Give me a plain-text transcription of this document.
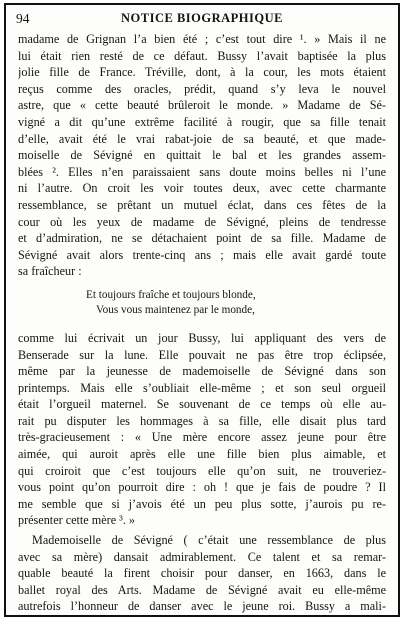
94	NOTICE BIOGRAPHIQUE
madame de Grignan l’a bien été ; c’est tout dire ¹. » Mais il ne
lui était rien resté de ce défaut. Bussy l’avait baptisée la plus
jolie fille de France. Tréville, dont, à la cour, les mots étaient
reçus comme des oracles, prédit, quand s’y leva le nouvel
astre, que « cette beauté brûleroit le monde. » Madame de Sé-
vigné a dit qu’une extrême facilité à rougir, que sa fille tenait
d’elle, avait été le vrai rabat-joie de sa beauté, et que made-
moiselle de Sévigné en quittait le bal et les grandes assem-
blées ². Elles n’en paraissaient sans doute moins belles ni l’une
ni l’autre. On croit les voir toutes deux, avec cette charmante
ressemblance, se prêtant un mutuel éclat, dans ces fêtes de la
cour où les yeux de madame de Sévigné, pleins de tendresse
et d’admiration, ne se détachaient point de sa fille. Madame de
Sévigné avait alors trente-cinq ans ; mais elle avait gardé toute
sa fraîcheur :
Et toujours fraîche et toujours blonde,
Vous vous maintenez par le monde,
comme lui écrivait un jour Bussy, lui appliquant des vers de
Benserade sur la lune. Elle pouvait ne pas être trop éclipsée,
même par la jeunesse de mademoiselle de Sévigné dans son
printemps. Mais elle s’oubliait elle-même ; et son seul orgueil
était l’orgueil maternel. Se souvenant de ce temps où elle au-
rait pu disputer les hommages à sa fille, elle disait plus tard
très-gracieusement : « Une mère encore assez jeune pour être
aimée, qui auroit après elle une fille bien plus aimable, et
qui croiroit que c’est toujours elle qu’on suit, ne trouveriez-
vous point qu’on pourroit dire : oh ! que je fais de poudre ? Il
me semble que si j’avois été un peu plus sotte, j’aurois pu re-
présenter cette mère ³. »
Mademoiselle de Sévigné ( c’était une ressemblance de plus
avec sa mère) dansait admirablement. Ce talent et sa remar-
quable beauté la firent choisir pour danser, en 1663, dans le
ballet royal des Arts. Madame de Sévigné avait eu elle-même
autrefois l’honneur de danser avec le jeune roi. Bussy a mali-
